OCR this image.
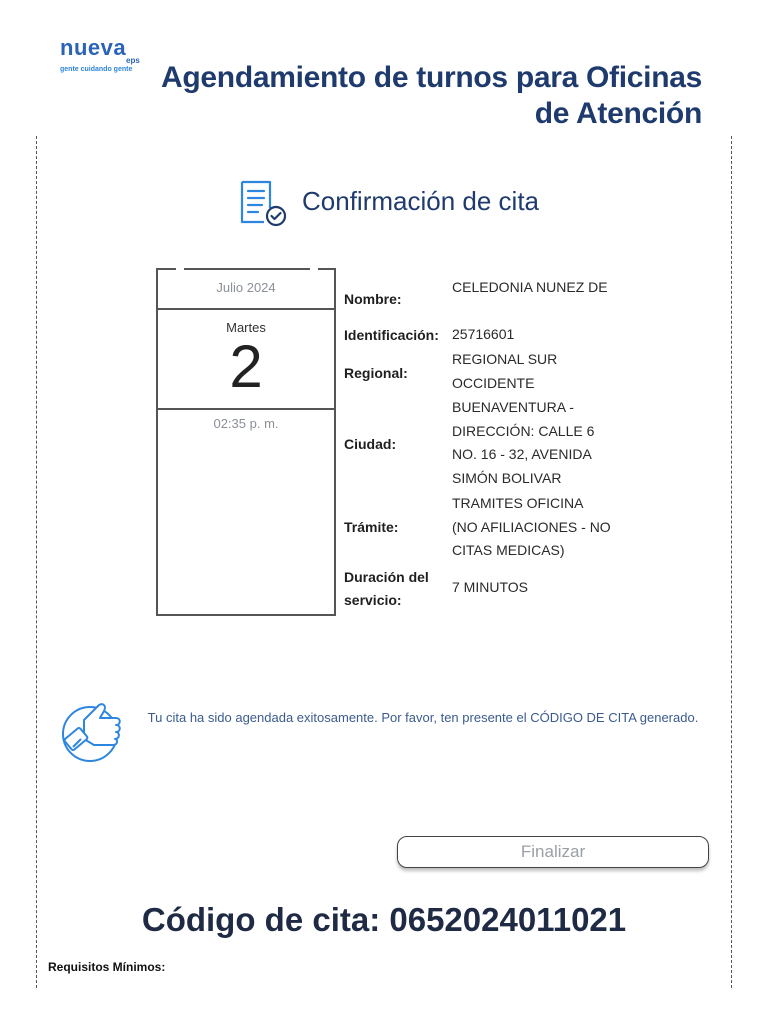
nueva
eps
gente cuidando gente Agendamiento de turnos para Oficinas de Atención
Confirmación de cita
Julio 2024
Martes
2
02:35 p. m.
Nombre:
CELEDONIA NUNEZ DE
Identificación: 25716601
Regional:
REGIONAL SUR OCCIDENTE
Ciudad:
BUENAVENTURA - DIRECCIÓN: CALLE 6 NO. 16 - 32, AVENIDA SIMÓN BOLIVAR
Trámite:
TRAMITES OFICINA (NO AFILIACIONES - NO CITAS MEDICAS)
Duración del servicio:
7 MINUTOS
Tu cita ha sido agendada exitosamente. Por favor, ten presente el CÓDIGO DE CITA generado.
Finalizar
Código de cita: 0652024011021
Requisitos Mínimos:
